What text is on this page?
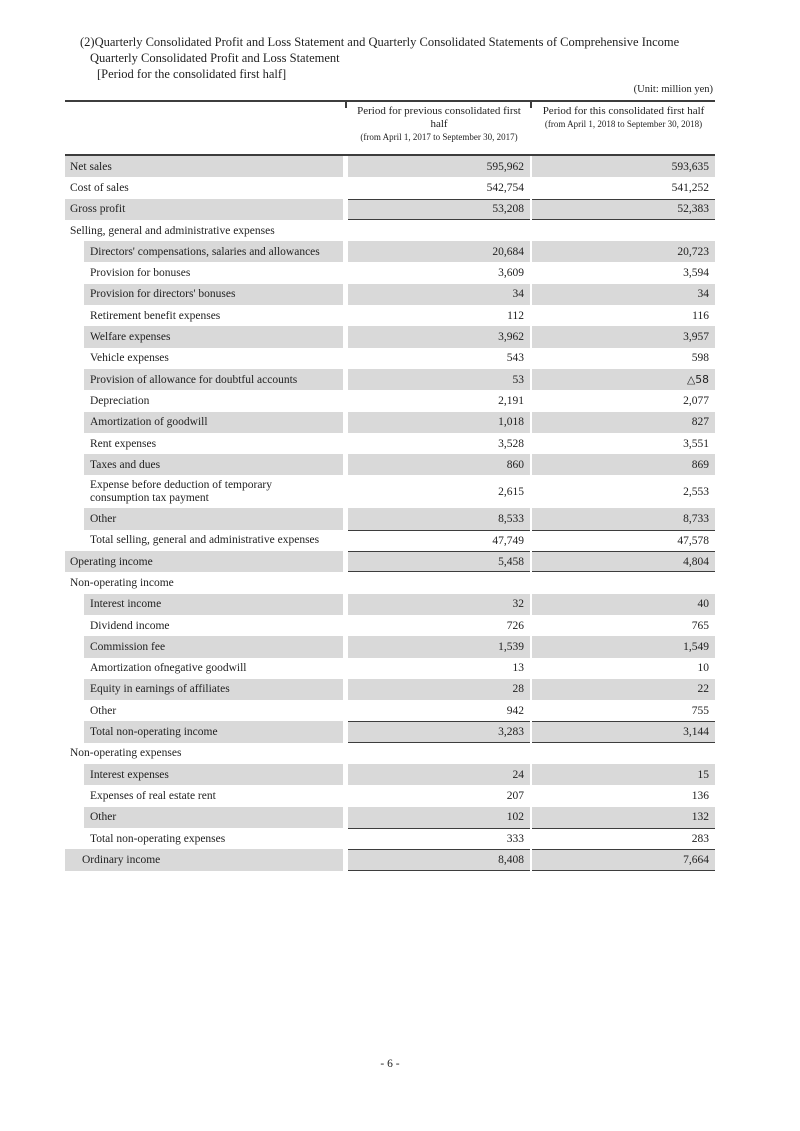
(2)Quarterly Consolidated Profit and Loss Statement and Quarterly Consolidated Statements of Comprehensive Income
Quarterly Consolidated Profit and Loss Statement
[Period for the consolidated first half]
(Unit: million yen)
Period for previous consolidated first half
(from April 1, 2017 to September 30, 2017)
Period for this consolidated first half
(from April 1, 2018 to September 30, 2018)
Net sales	595,962	593,635
Cost of sales	542,754	541,252
Gross profit	53,208	52,383
Selling, general and administrative expenses
Directors' compensations, salaries and allowances	20,684	20,723
Provision for bonuses	3,609	3,594
Provision for directors' bonuses	34	34
Retirement benefit expenses	112	116
Welfare expenses	3,962	3,957
Vehicle expenses	543	598
Provision of allowance for doubtful accounts	53	△58
Depreciation	2,191	2,077
Amortization of goodwill	1,018	827
Rent expenses	3,528	3,551
Taxes and dues	860	869
Expense before deduction of temporary consumption tax payment	2,615	2,553
Other	8,533	8,733
Total selling, general and administrative expenses	47,749	47,578
Operating income	5,458	4,804
Non-operating income
Interest income	32	40
Dividend income	726	765
Commission fee	1,539	1,549
Amortization ofnegative goodwill	13	10
Equity in earnings of affiliates	28	22
Other	942	755
Total non-operating income	3,283	3,144
Non-operating expenses
Interest expenses	24	15
Expenses of real estate rent	207	136
Other	102	132
Total non-operating expenses	333	283
Ordinary income	8,408	7,664
- 6 -
